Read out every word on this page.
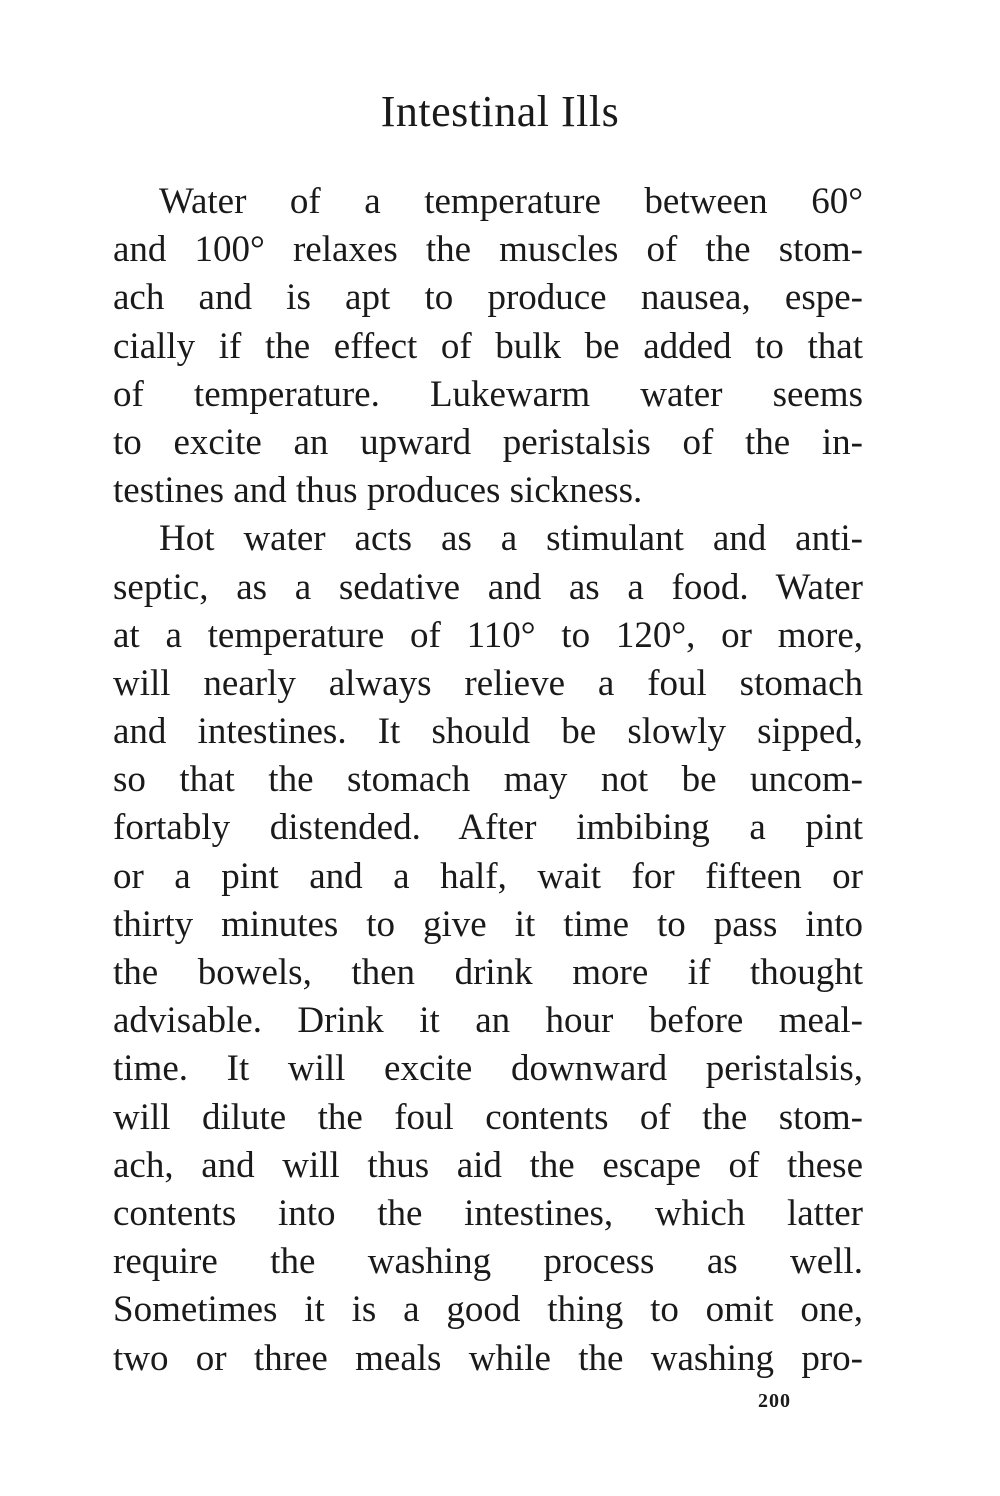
Intestinal Ills
Water of a temperature between 60°
and 100° relaxes the muscles of the stom-
ach and is apt to produce nausea, espe-
cially if the effect of bulk be added to that
of temperature. Lukewarm water seems
to excite an upward peristalsis of the in-
testines and thus produces sickness.
Hot water acts as a stimulant and anti-
septic, as a sedative and as a food. Water
at a temperature of 110° to 120°, or more,
will nearly always relieve a foul stomach
and intestines. It should be slowly sipped,
so that the stomach may not be uncom-
fortably distended. After imbibing a pint
or a pint and a half, wait for fifteen or
thirty minutes to give it time to pass into
the bowels, then drink more if thought
advisable. Drink it an hour before meal-
time. It will excite downward peristalsis,
will dilute the foul contents of the stom-
ach, and will thus aid the escape of these
contents into the intestines, which latter
require the washing process as well.
Sometimes it is a good thing to omit one,
two or three meals while the washing pro-
200
